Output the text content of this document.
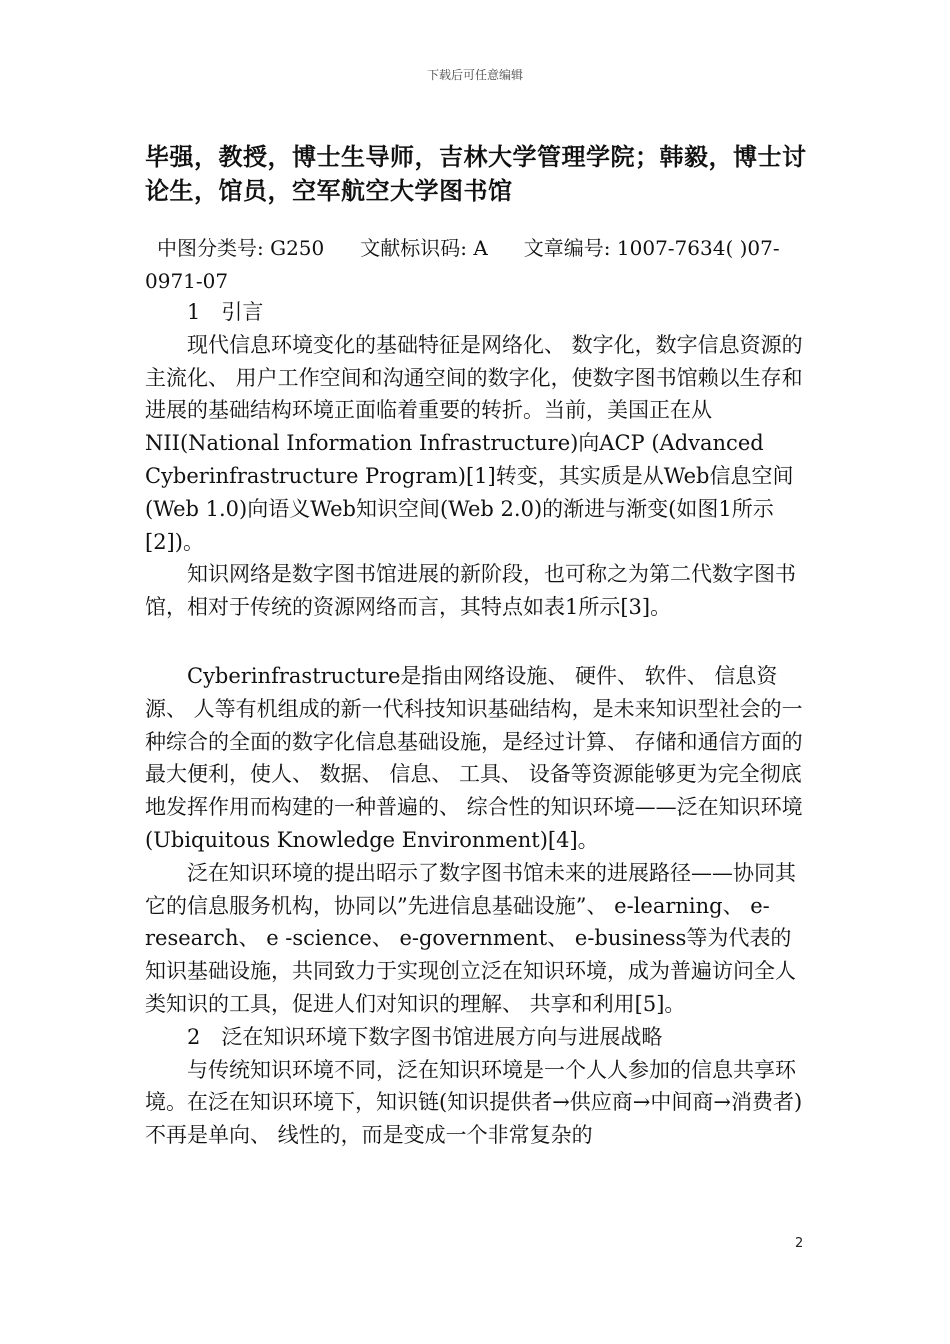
下载后可任意编辑
毕强，教授，博士生导师，吉林大学管理学院；韩毅，博士讨论生，馆员，空军航空大学图书馆
中图分类号: G250 文献标识码: A 文章编号: 1007-7634( )07-0971-07

1　引言

现代信息环境变化的基础特征是网络化、 数字化，数字信息资源的主流化、 用户工作空间和沟通空间的数字化，使数字图书馆赖以生存和进展的基础结构环境正面临着重要的转折。当前，美国正在从NII(National Information Infrastructure)向ACP (Advanced Cyberinfrastructure Program)[1]转变，其实质是从Web信息空间(Web 1.0)向语义Web知识空间(Web 2.0)的渐进与渐变(如图1所示[2])。

知识网络是数字图书馆进展的新阶段，也可称之为第二代数字图书馆，相对于传统的资源网络而言，其特点如表1所示[3]。

Cyberinfrastructure是指由网络设施、 硬件、 软件、 信息资源、 人等有机组成的新一代科技知识基础结构，是未来知识型社会的一种综合的全面的数字化信息基础设施，是经过计算、 存储和通信方面的最大便利，使人、 数据、 信息、 工具、 设备等资源能够更为完全彻底地发挥作用而构建的一种普遍的、 综合性的知识环境——泛在知识环境(Ubiquitous Knowledge Environment)[4]。

泛在知识环境的提出昭示了数字图书馆未来的进展路径——协同其它的信息服务机构，协同以”先进信息基础设施”、 e-learning、 e-research、 e -science、 e-government、 e-business等为代表的知识基础设施，共同致力于实现创立泛在知识环境，成为普遍访问全人类知识的工具，促进人们对知识的理解、 共享和利用[5]。

2　泛在知识环境下数字图书馆进展方向与进展战略

与传统知识环境不同，泛在知识环境是一个人人参加的信息共享环境。在泛在知识环境下，知识链(知识提供者→供应商→中间商→消费者)不再是单向、 线性的，而是变成一个非常复杂的

2
